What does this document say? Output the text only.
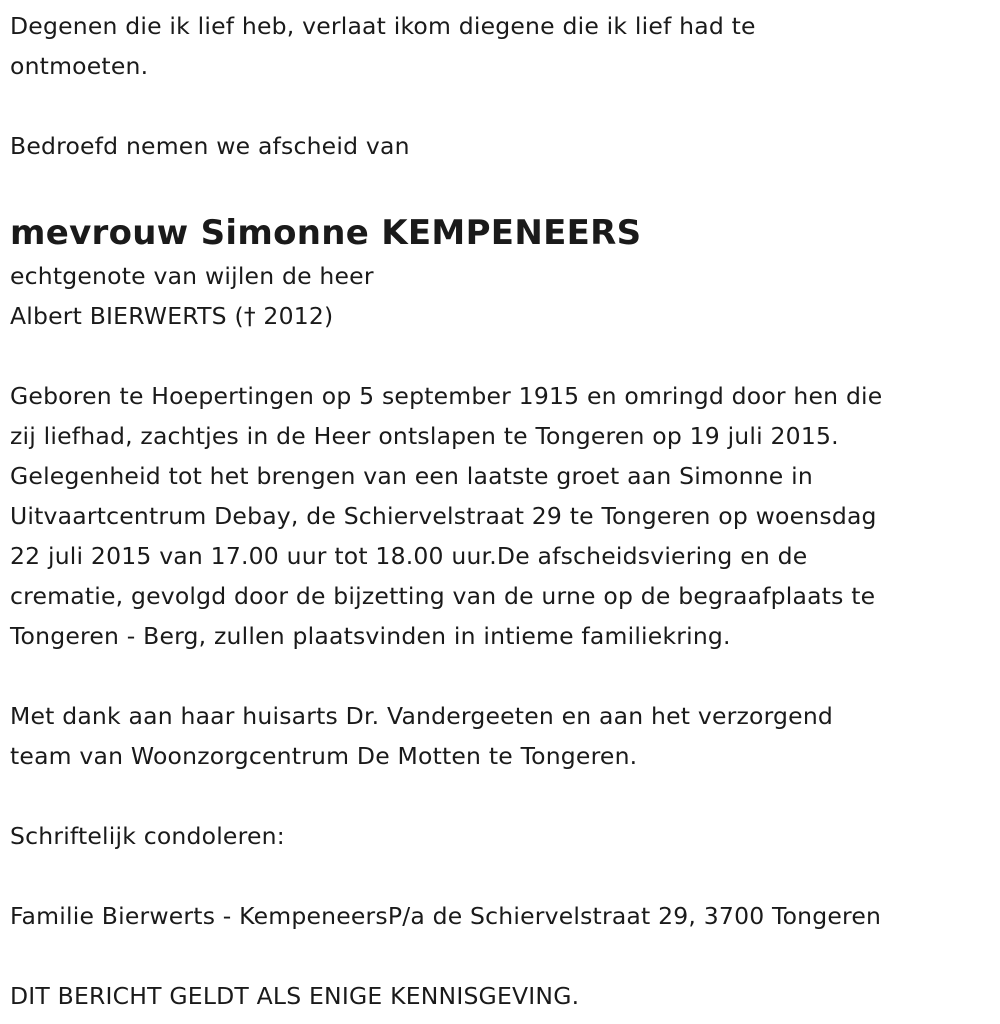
Degenen die ik lief heb, verlaat ikom diegene die ik lief had te
ontmoeten.

Bedroefd nemen we afscheid van

mevrouw Simonne KEMPENEERS

echtgenote van wijlen de heer
Albert BIERWERTS († 2012)

Geboren te Hoepertingen op 5 september 1915 en omringd door hen die
zij liefhad, zachtjes in de Heer ontslapen te Tongeren op 19 juli 2015.
Gelegenheid tot het brengen van een laatste groet aan Simonne in
Uitvaartcentrum Debay, de Schiervelstraat 29 te Tongeren op woensdag
22 juli 2015 van 17.00 uur tot 18.00 uur.De afscheidsviering en de
crematie, gevolgd door de bijzetting van de urne op de begraafplaats te
Tongeren - Berg, zullen plaatsvinden in intieme familiekring.

Met dank aan haar huisarts Dr. Vandergeeten en aan het verzorgend
team van Woonzorgcentrum De Motten te Tongeren.

Schriftelijk condoleren:

Familie Bierwerts - KempeneersP/a de Schiervelstraat 29, 3700 Tongeren

DIT BERICHT GELDT ALS ENIGE KENNISGEVING.
